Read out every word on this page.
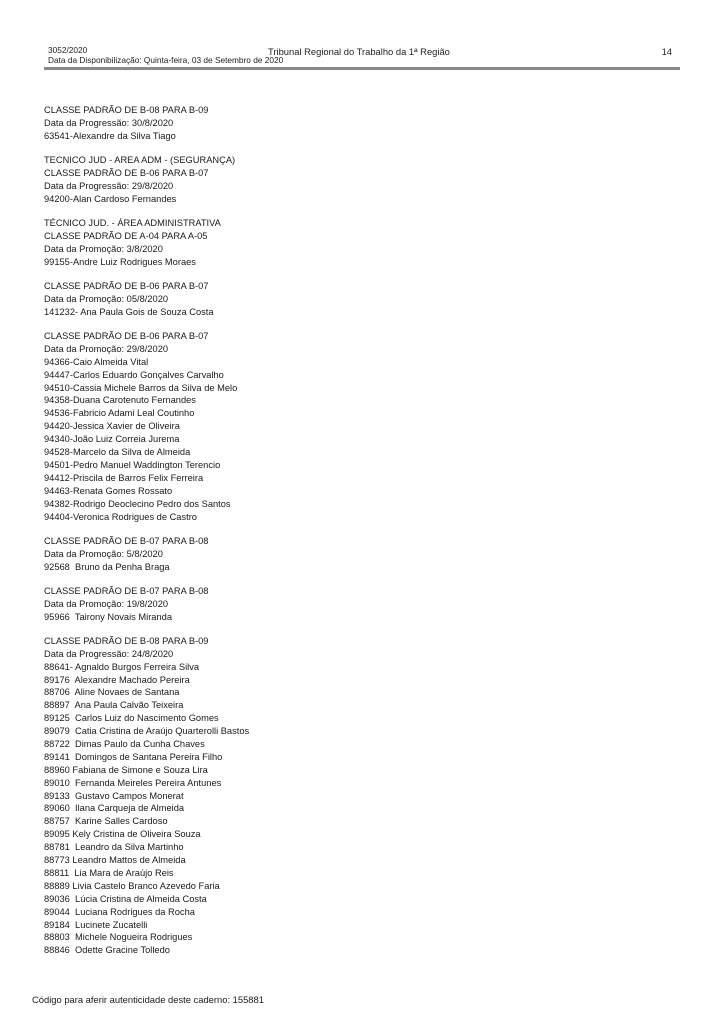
3052/2020
Data da Disponibilização: Quinta-feira, 03 de Setembro de 2020
Tribunal Regional do Trabalho da 1ª Região	14
CLASSE PADRÃO DE B-08 PARA B-09
Data da Progressão: 30/8/2020
63541-Alexandre da Silva Tiago
TECNICO JUD - AREA ADM - (SEGURANÇA)
CLASSE PADRÃO DE B-06 PARA B-07
Data da Progressão: 29/8/2020
94200-Alan Cardoso Fernandes
TÉCNICO JUD. - ÁREA ADMINISTRATIVA
CLASSE PADRÃO DE A-04 PARA A-05
Data da Promoção: 3/8/2020
99155-Andre Luiz Rodrigues Moraes
CLASSE PADRÃO DE B-06 PARA B-07
Data da Promoção: 05/8/2020
141232- Ana Paula Gois de Souza Costa
CLASSE PADRÃO DE B-06 PARA B-07
Data da Promoção: 29/8/2020
94366-Caio Almeida Vital
94447-Carlos Eduardo Gonçalves Carvalho
94510-Cassia Michele Barros da Silva de Melo
94358-Duana Carotenuto Fernandes
94536-Fabricio Adami Leal Coutinho
94420-Jessica Xavier de Oliveira
94340-João Luiz Correia Jurema
94528-Marcelo da Silva de Almeida
94501-Pedro Manuel Waddington Terencio
94412-Priscila de Barros Felix Ferreira
94463-Renata Gomes Rossato
94382-Rodrigo Deoclecino Pedro dos Santos
94404-Veronica Rodrigues de Castro
CLASSE PADRÃO DE B-07 PARA B-08
Data da Promoção: 5/8/2020
92568  Bruno da Penha Braga
CLASSE PADRÃO DE B-07 PARA B-08
Data da Promoção: 19/8/2020
95966  Tairony Novais Miranda
CLASSE PADRÃO DE B-08 PARA B-09
Data da Progressão: 24/8/2020
88641- Agnaldo Burgos Ferreira Silva
89176  Alexandre Machado Pereira
88706  Aline Novaes de Santana
88897  Ana Paula Calvão Teixeira
89125  Carlos Luiz do Nascimento Gomes
89079  Catia Cristina de Araújo Quarterolli Bastos
88722  Dimas Paulo da Cunha Chaves
89141  Domingos de Santana Pereira Filho
88960 Fabiana de Simone e Souza Lira
89010  Fernanda Meireles Pereira Antunes
89133  Gustavo Campos Monerat
89060  Ilana Carqueja de Almeida
88757  Karine Salles Cardoso
89095 Kely Cristina de Oliveira Souza
88781  Leandro da Silva Martinho
88773 Leandro Mattos de Almeida
88811  Lia Mara de Araújo Reis
88889 Livia Castelo Branco Azevedo Faria
89036  Lúcia Cristina de Almeida Costa
89044  Luciana Rodrigues da Rocha
89184  Lucinete Zucatelli
88803  Michele Nogueira Rodrigues
88846  Odette Gracine Tolledo
Código para aferir autenticidade deste caderno: 155881
